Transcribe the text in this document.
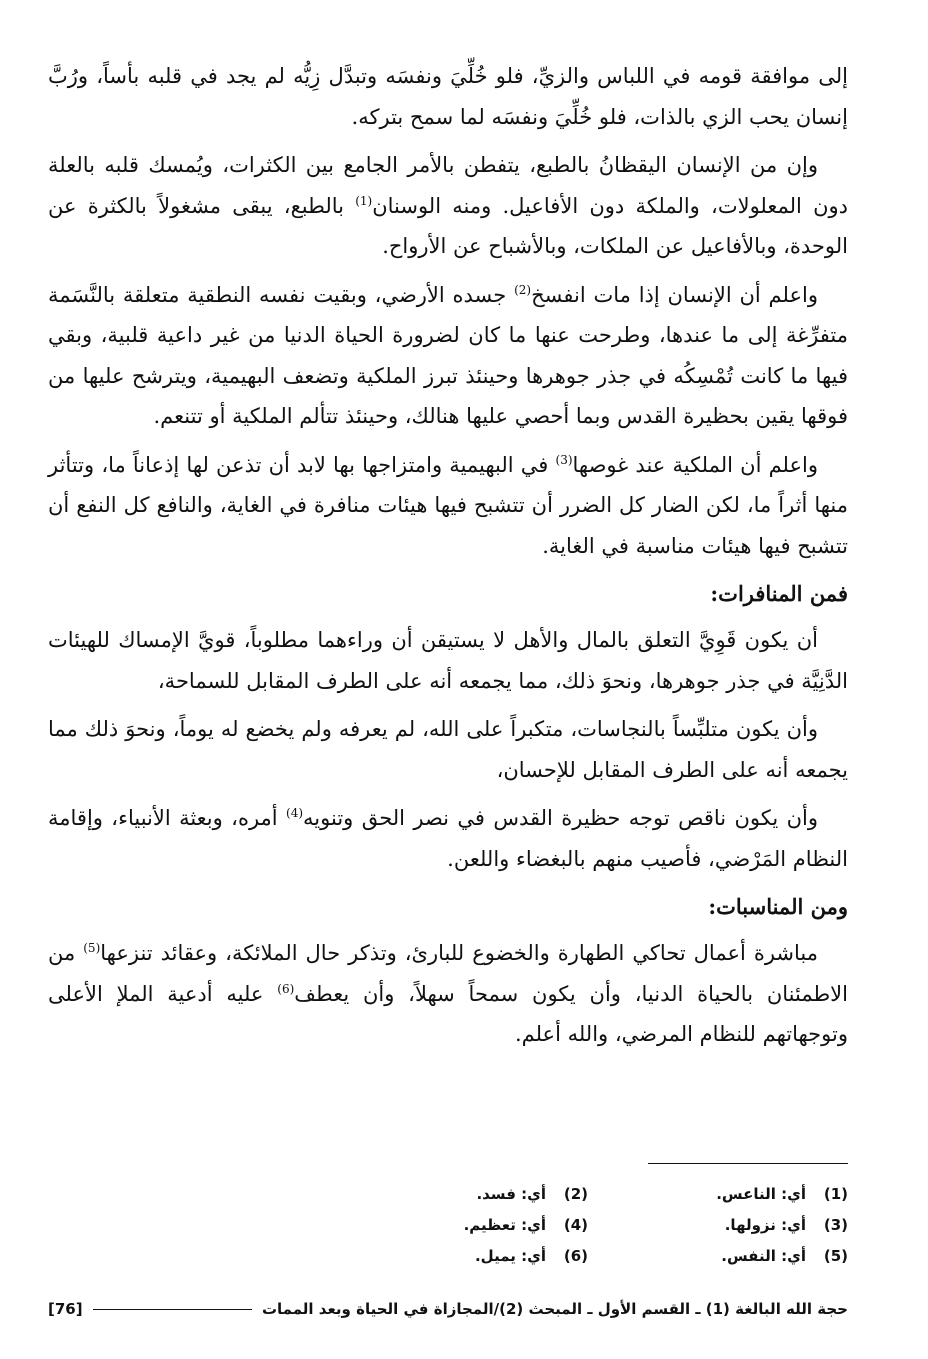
إلى موافقة قومه في اللباس والزيِّ، فلو خُلِّيَ ونفسَه وتبدَّل زِيُّه لم يجد في قلبه بأساً، ورُبَّ إنسان يحب الزي بالذات، فلو خُلِّيَ ونفسَه لما سمح بتركه.

وإن من الإنسان اليقظانُ بالطبع، يتفطن بالأمر الجامع بين الكثرات، ويُمسك قلبه بالعلة دون المعلولات، والملكة دون الأفاعيل. ومنه الوسنان$^{(1)}$ بالطبع، يبقى مشغولاً بالكثرة عن الوحدة، وبالأفاعيل عن الملكات، وبالأشباح عن الأرواح.

واعلم أن الإنسان إذا مات انفسخ$^{(2)}$ جسده الأرضي، وبقيت نفسه النطقية متعلقة بالنَّسَمة متفرِّغة إلى ما عندها، وطرحت عنها ما كان لضرورة الحياة الدنيا من غير داعية قلبية، وبقي فيها ما كانت تُمْسِكُه في جذر جوهرها وحينئذ تبرز الملكية وتضعف البهيمية، ويترشح عليها من فوقها يقين بحظيرة القدس وبما أحصي عليها هنالك، وحينئذ تتألم الملكية أو تتنعم.

واعلم أن الملكية عند غوصها$^{(3)}$ في البهيمية وامتزاجها بها لابد أن تذعن لها إذعاناً ما، وتتأثر منها أثراً ما، لكن الضار كل الضرر أن تتشبح فيها هيئات منافرة في الغاية، والنافع كل النفع أن تتشبح فيها هيئات مناسبة في الغاية.

فمن المنافرات:

أن يكون قَوِيَّ التعلق بالمال والأهل لا يستيقن أن وراءهما مطلوباً، قويَّ الإمساك للهيئات الدَّنِيَّة في جذر جوهرها، ونحوَ ذلك، مما يجمعه أنه على الطرف المقابل للسماحة،

وأن يكون متلبِّساً بالنجاسات، متكبراً على الله، لم يعرفه ولم يخضع له يوماً، ونحوَ ذلك مما يجمعه أنه على الطرف المقابل للإحسان،

وأن يكون ناقص توجه حظيرة القدس في نصر الحق وتنويه$^{(4)}$ أمره، وبعثة الأنبياء، وإقامة النظام المَرْضي، فأصيب منهم بالبغضاء واللعن.

ومن المناسبات:

مباشرة أعمال تحاكي الطهارة والخضوع للبارئ، وتذكر حال الملائكة، وعقائد تنزعها$^{(5)}$ من الاطمئنان بالحياة الدنيا، وأن يكون سمحاً سهلاً، وأن يعطف$^{(6)}$ عليه أدعية الملإ الأعلى وتوجهاتهم للنظام المرضي، والله أعلم.

(1)
أي: الناعس.
(2)
أي: فسد.
(3)
أي: نزولها.
(4)
أي: تعظيم.
(5)
أي: النفس.
(6)
أي: يميل.
حجة الله البالغة (1) ـ القسم الأول ـ المبحث (2)/المجازاة في الحياة وبعد الممات
[76]
